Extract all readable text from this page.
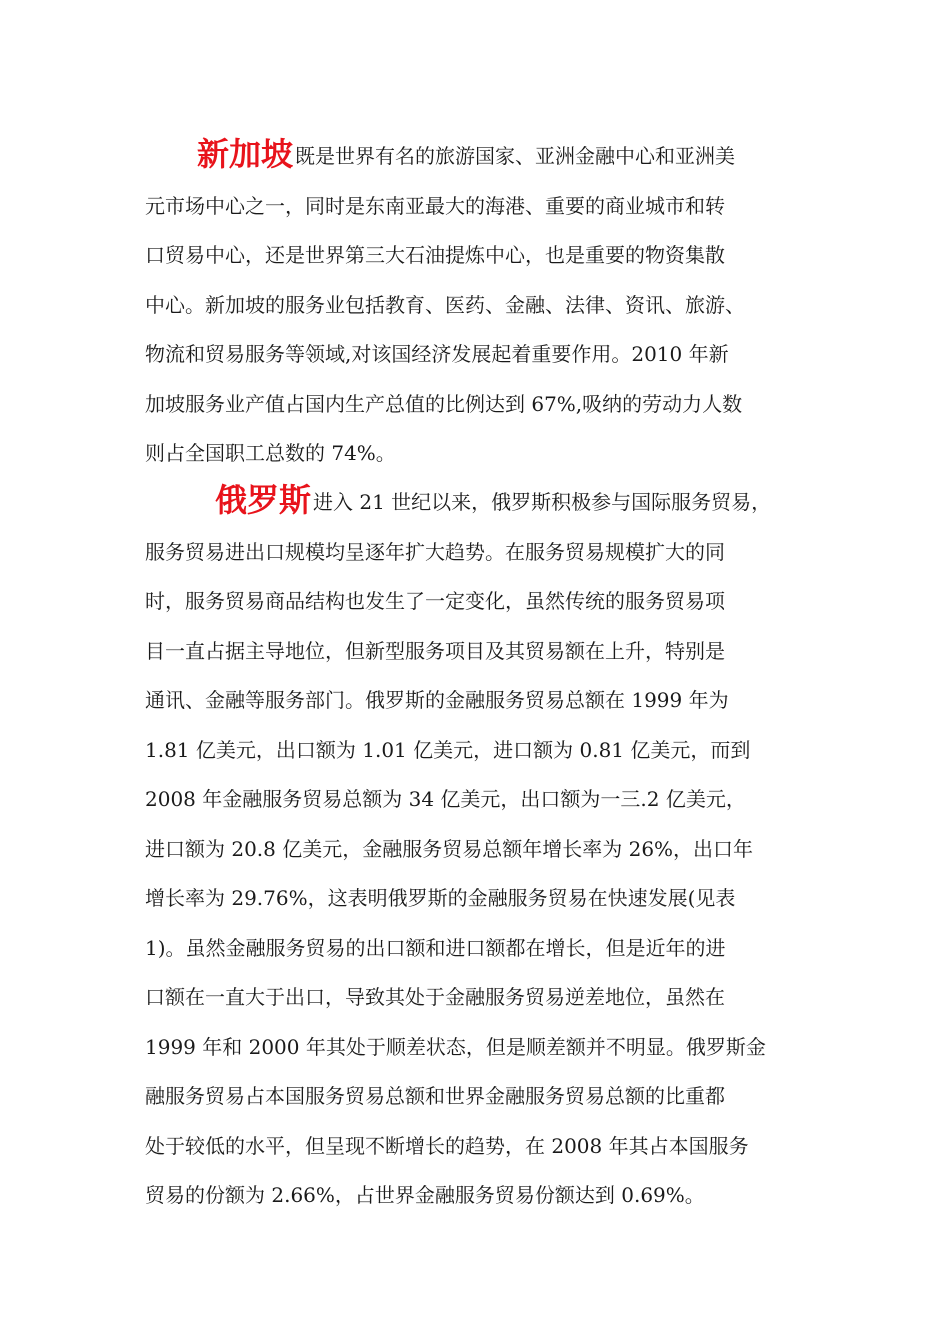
新加坡 既是世界有名的旅游国家、亚洲金融中心和亚洲美
元市场中心之一，同时是东南亚最大的海港、重要的商业城市和转
口贸易中心，还是世界第三大石油提炼中心，也是重要的物资集散
中心。新加坡的服务业包括教育、医药、金融、法律、资讯、旅游、
物流和贸易服务等领域,对该国经济发展起着重要作用。2010 年新
加坡服务业产值占国内生产总值的比例达到 67%,吸纳的劳动力人数
则占全国职工总数的 74%。
俄罗斯 进入 21 世纪以来，俄罗斯积极参与国际服务贸易，
服务贸易进出口规模均呈逐年扩大趋势。在服务贸易规模扩大的同
时，服务贸易商品结构也发生了一定变化，虽然传统的服务贸易项
目一直占据主导地位，但新型服务项目及其贸易额在上升，特别是
通讯、金融等服务部门。俄罗斯的金融服务贸易总额在 1999 年为
1.81 亿美元，出口额为 1.01 亿美元，进口额为 0.81 亿美元，而到
2008 年金融服务贸易总额为 34 亿美元，出口额为一三.2 亿美元，
进口额为 20.8 亿美元，金融服务贸易总额年增长率为 26%，出口年
增长率为 29.76%，这表明俄罗斯的金融服务贸易在快速发展(见表
1)。虽然金融服务贸易的出口额和进口额都在增长，但是近年的进
口额在一直大于出口，导致其处于金融服务贸易逆差地位，虽然在
1999 年和 2000 年其处于顺差状态，但是顺差额并不明显。俄罗斯金
融服务贸易占本国服务贸易总额和世界金融服务贸易总额的比重都
处于较低的水平，但呈现不断增长的趋势，在 2008 年其占本国服务
贸易的份额为 2.66%，占世界金融服务贸易份额达到 0.69%。
